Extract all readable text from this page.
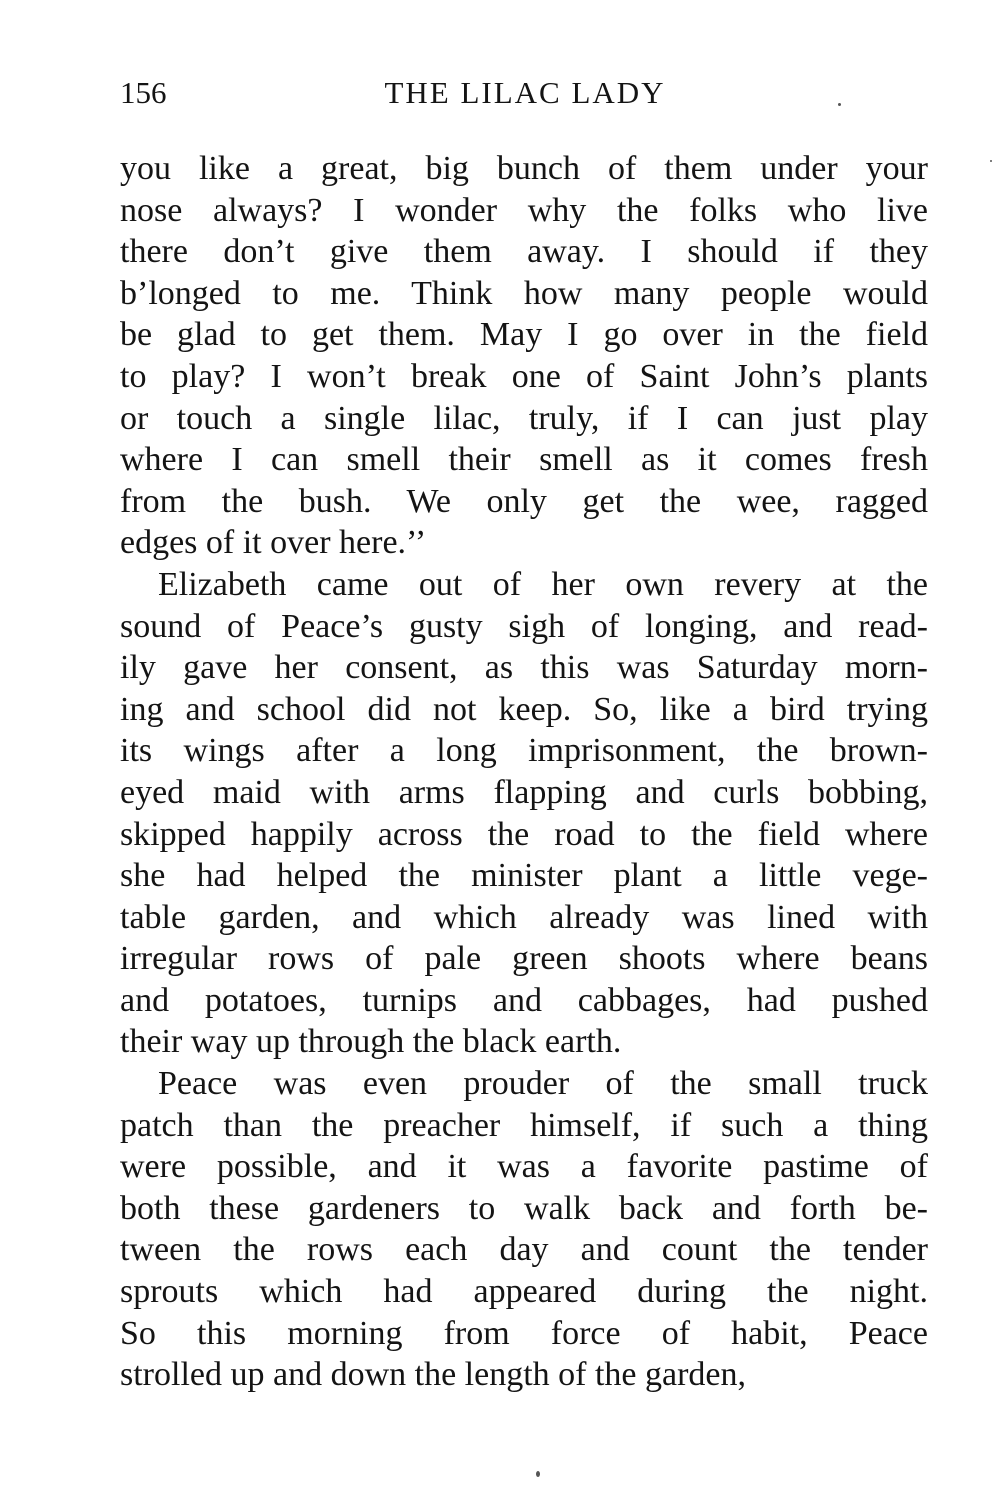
156	THE LILAC LADY
you like a great, big bunch of them under your
nose always? I wonder why the folks who live
there don’t give them away. I should if they
b’longed to me. Think how many people would
be glad to get them. May I go over in the field
to play? I won’t break one of Saint John’s plants
or touch a single lilac, truly, if I can just play
where I can smell their smell as it comes fresh
from the bush. We only get the wee, ragged
edges of it over here.’’
Elizabeth came out of her own revery at the
sound of Peace’s gusty sigh of longing, and read-
ily gave her consent, as this was Saturday morn-
ing and school did not keep. So, like a bird trying
its wings after a long imprisonment, the brown-
eyed maid with arms flapping and curls bobbing,
skipped happily across the road to the field where
she had helped the minister plant a little vege-
table garden, and which already was lined with
irregular rows of pale green shoots where beans
and potatoes, turnips and cabbages, had pushed
their way up through the black earth.
Peace was even prouder of the small truck
patch than the preacher himself, if such a thing
were possible, and it was a favorite pastime of
both these gardeners to walk back and forth be-
tween the rows each day and count the tender
sprouts which had appeared during the night.
So this morning from force of habit, Peace
strolled up and down the length of the garden,
